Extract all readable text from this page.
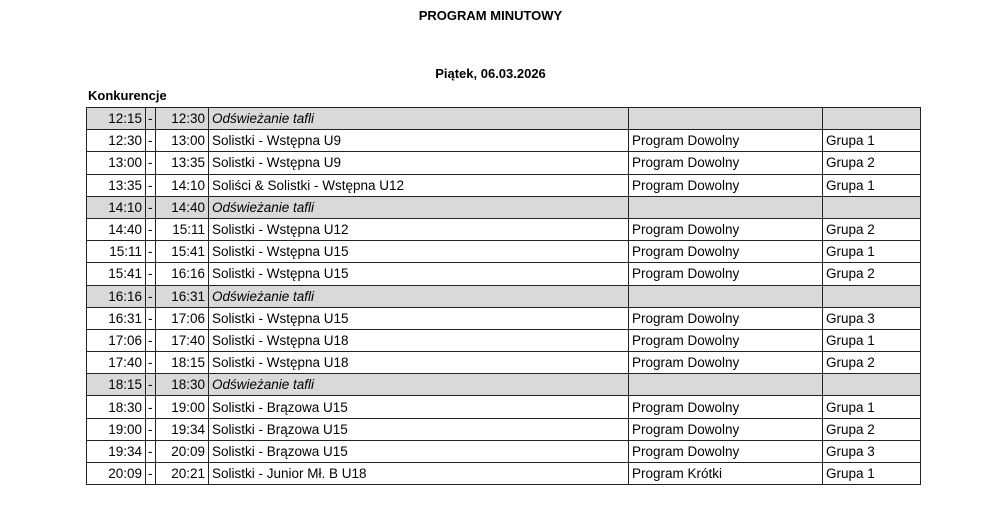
PROGRAM MINUTOWY
Piątek, 06.03.2026
Konkurencje
12:15	-	12:30	Odświeżanie tafli		
12:30	-	13:00	Solistki - Wstępna U9	Program Dowolny	Grupa 1
13:00	-	13:35	Solistki - Wstępna U9	Program Dowolny	Grupa 2
13:35	-	14:10	Soliści & Solistki - Wstępna U12	Program Dowolny	Grupa 1
14:10	-	14:40	Odświeżanie tafli		
14:40	-	15:11	Solistki - Wstępna U12	Program Dowolny	Grupa 2
15:11	-	15:41	Solistki - Wstępna U15	Program Dowolny	Grupa 1
15:41	-	16:16	Solistki - Wstępna U15	Program Dowolny	Grupa 2
16:16	-	16:31	Odświeżanie tafli		
16:31	-	17:06	Solistki - Wstępna U15	Program Dowolny	Grupa 3
17:06	-	17:40	Solistki - Wstępna U18	Program Dowolny	Grupa 1
17:40	-	18:15	Solistki - Wstępna U18	Program Dowolny	Grupa 2
18:15	-	18:30	Odświeżanie tafli		
18:30	-	19:00	Solistki - Brązowa U15	Program Dowolny	Grupa 1
19:00	-	19:34	Solistki - Brązowa U15	Program Dowolny	Grupa 2
19:34	-	20:09	Solistki - Brązowa U15	Program Dowolny	Grupa 3
20:09	-	20:21	Solistki - Junior Mł. B U18	Program Krótki	Grupa 1
